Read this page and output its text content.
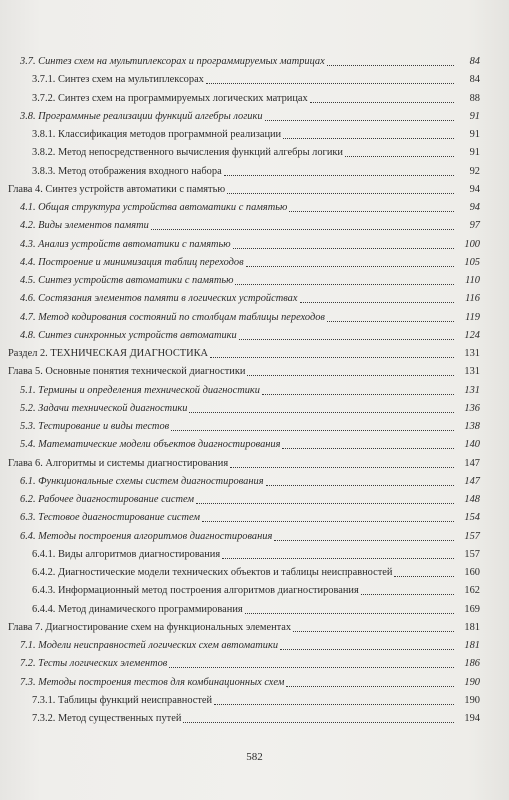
3.7. Синтез схем на мультиплексорах и программируемых матрицах	84
3.7.1. Синтез схем на мультиплексорах	84
3.7.2. Синтез схем на программируемых логических матрицах	88
3.8. Программные реализации функций алгебры логики	91
3.8.1. Классификация методов программной реализации	91
3.8.2. Метод непосредственного вычисления функций алгебры логики	91
3.8.3. Метод отображения входного набора	92
Глава 4. Синтез устройств автоматики с памятью	94
4.1. Общая структура устройства автоматики с памятью	94
4.2. Виды элементов памяти	97
4.3. Анализ устройств автоматики с памятью	100
4.4. Построение и минимизация таблиц переходов	105
4.5. Синтез устройств автоматики с памятью	110
4.6. Состязания элементов памяти в логических устройствах	116
4.7. Метод кодирования состояний по столбцам таблицы переходов	119
4.8. Синтез синхронных устройств автоматики	124
Раздел 2. ТЕХНИЧЕСКАЯ ДИАГНОСТИКА	131
Глава 5. Основные понятия технической диагностики	131
5.1. Термины и определения технической диагностики	131
5.2. Задачи технической диагностики	136
5.3. Тестирование и виды тестов	138
5.4. Математические модели объектов диагностирования	140
Глава 6. Алгоритмы и системы диагностирования	147
6.1. Функциональные схемы систем диагностирования	147
6.2. Рабочее диагностирование систем	148
6.3. Тестовое диагностирование систем	154
6.4. Методы построения алгоритмов диагностирования	157
6.4.1. Виды алгоритмов диагностирования	157
6.4.2. Диагностические модели технических объектов и таблицы неисправностей	160
6.4.3. Информационный метод построения алгоритмов диагностирования	162
6.4.4. Метод динамического программирования	169
Глава 7. Диагностирование схем на функциональных элементах	181
7.1. Модели неисправностей логических схем автоматики	181
7.2. Тесты логических элементов	186
7.3. Методы построения тестов для комбинационных схем	190
7.3.1. Таблицы функций неисправностей	190
7.3.2. Метод существенных путей	194
582
